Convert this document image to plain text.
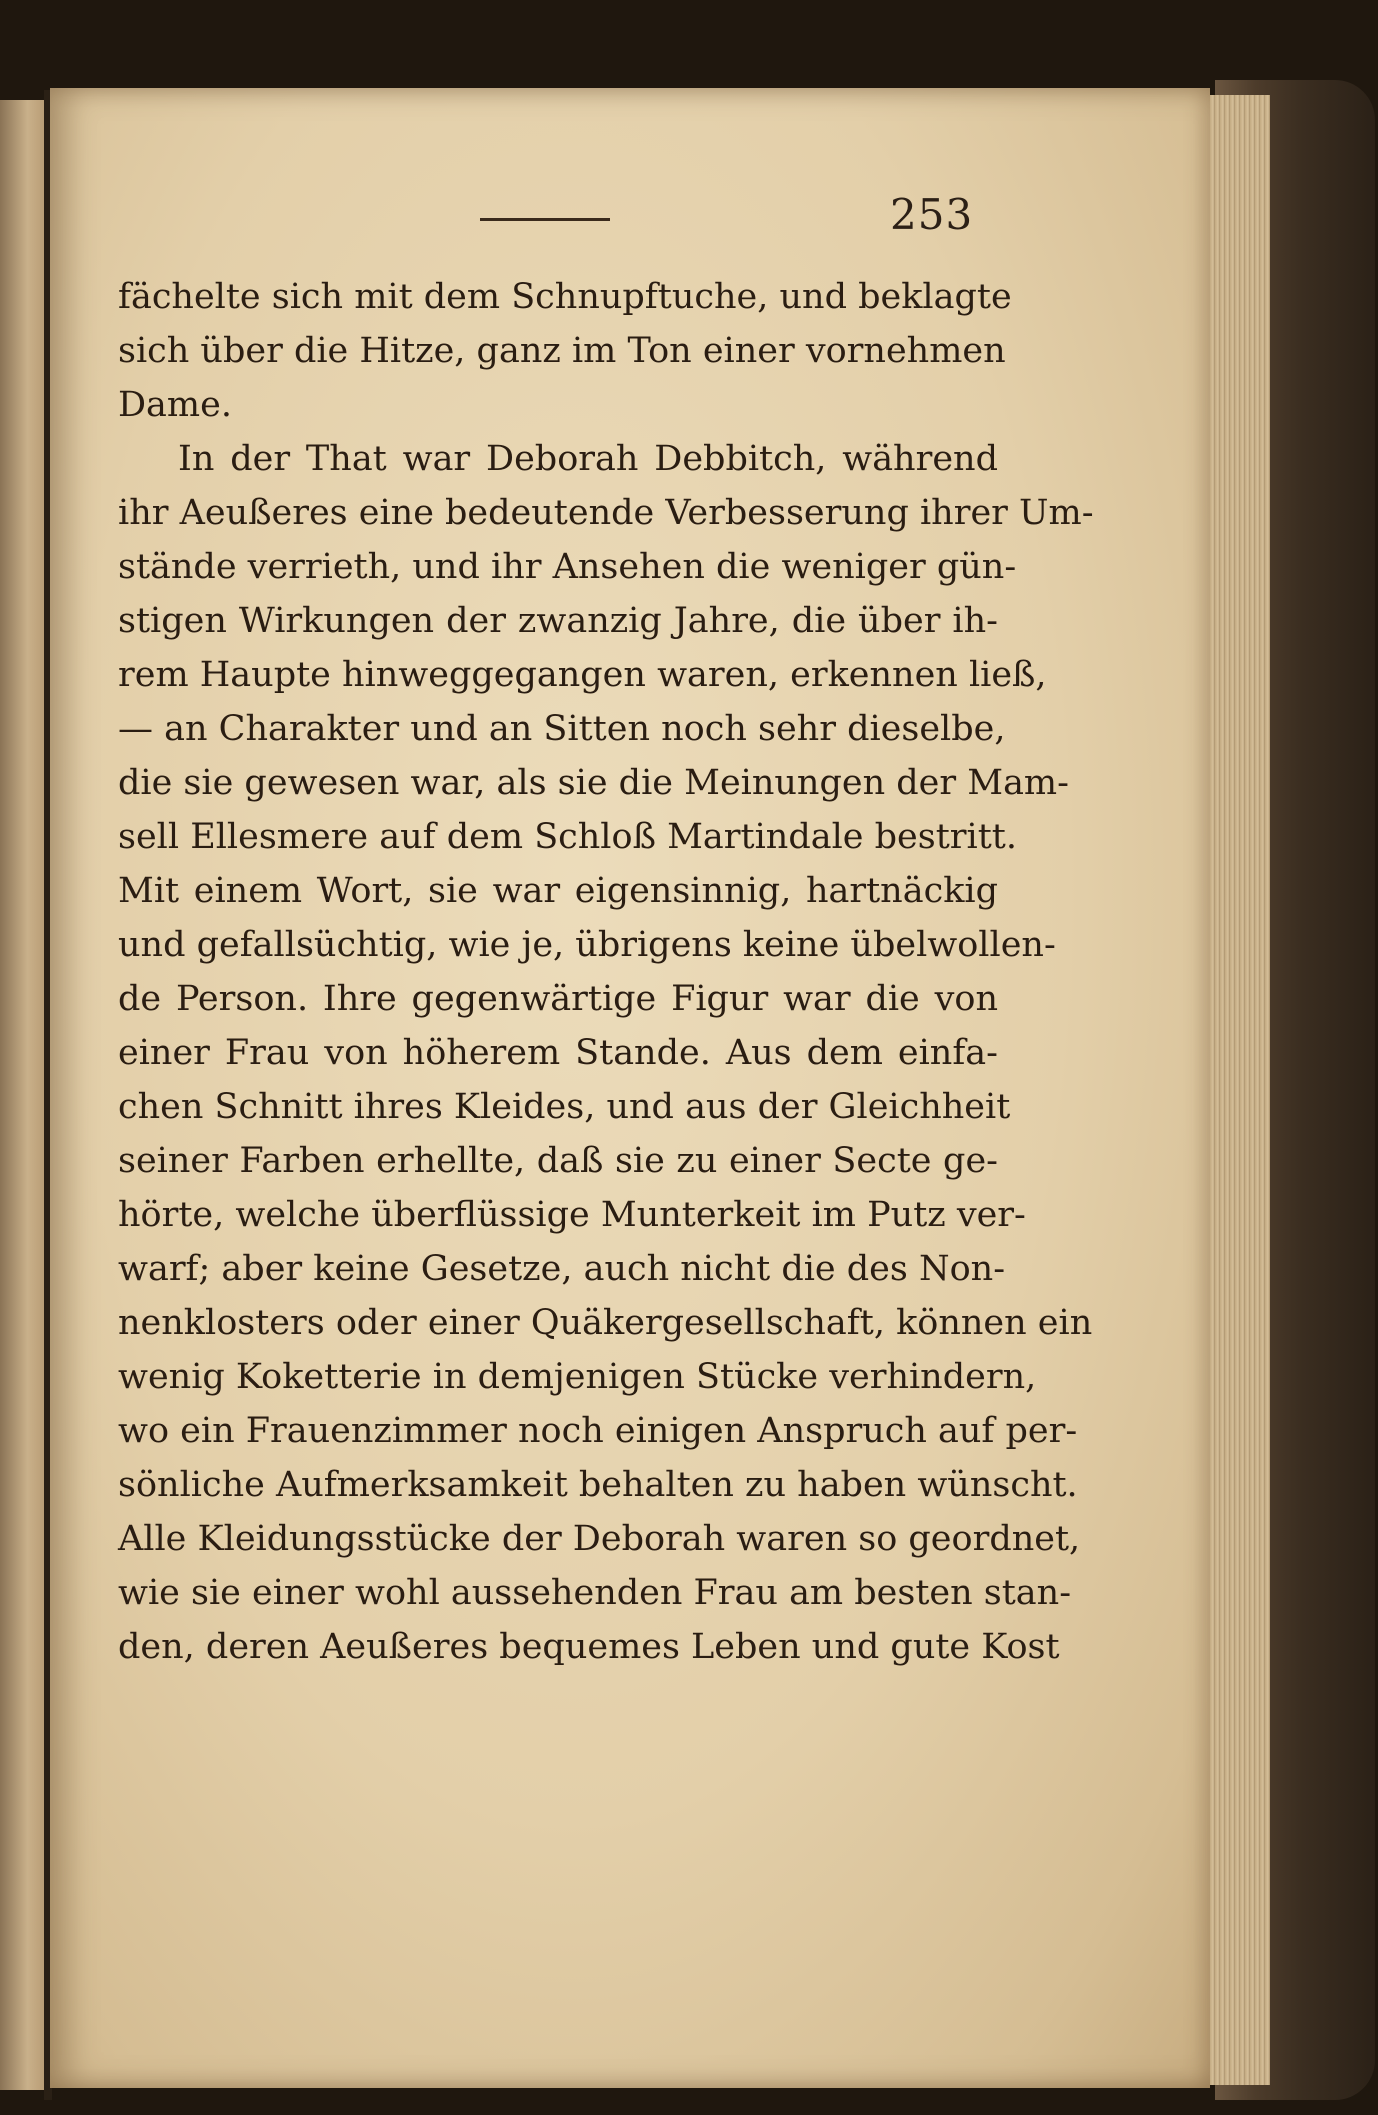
253
fächelte sich mit dem Schnupftuche, und beklagte
sich über die Hitze, ganz im Ton einer vornehmen
Dame.
In der That war Deborah Debbitch, während
ihr Aeußeres eine bedeutende Verbesserung ihrer Um-
stände verrieth, und ihr Ansehen die weniger gün-
stigen Wirkungen der zwanzig Jahre, die über ih-
rem Haupte hinweggegangen waren, erkennen ließ,
— an Charakter und an Sitten noch sehr dieselbe,
die sie gewesen war, als sie die Meinungen der Mam-
sell Ellesmere auf dem Schloß Martindale bestritt.
Mit einem Wort, sie war eigensinnig, hartnäckig
und gefallsüchtig, wie je, übrigens keine übelwollen-
de Person. Ihre gegenwärtige Figur war die von
einer Frau von höherem Stande. Aus dem einfa-
chen Schnitt ihres Kleides, und aus der Gleichheit
seiner Farben erhellte, daß sie zu einer Secte ge-
hörte, welche überflüssige Munterkeit im Putz ver-
warf; aber keine Gesetze, auch nicht die des Non-
nenklosters oder einer Quäkergesellschaft, können ein
wenig Koketterie in demjenigen Stücke verhindern,
wo ein Frauenzimmer noch einigen Anspruch auf per-
sönliche Aufmerksamkeit behalten zu haben wünscht.
Alle Kleidungsstücke der Deborah waren so geordnet,
wie sie einer wohl aussehenden Frau am besten stan-
den, deren Aeußeres bequemes Leben und gute Kost
